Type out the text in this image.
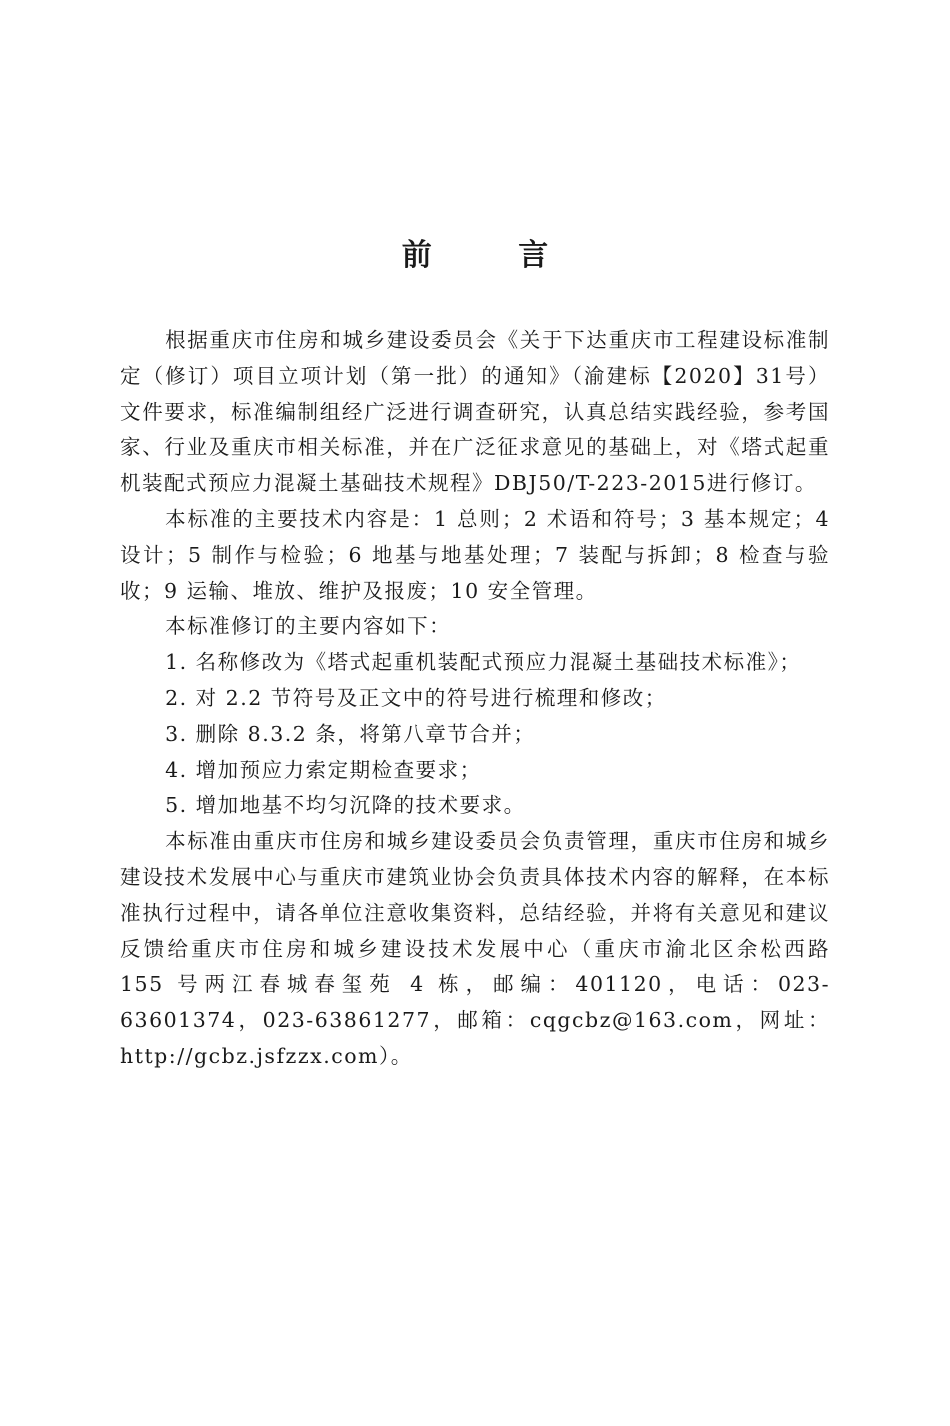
前 言

根据重庆市住房和城乡建设委员会《关于下达重庆市工程建设标准制定（修订）项目立项计划（第一批）的通知》（渝建标【2020】31号）文件要求，标准编制组经广泛进行调查研究，认真总结实践经验，参考国家、行业及重庆市相关标准，并在广泛征求意见的基础上，对《塔式起重机装配式预应力混凝土基础技术规程》DBJ50/T-223-2015进行修订。

本标准的主要技术内容是：1 总则；2 术语和符号；3 基本规定；4 设计；5 制作与检验；6 地基与地基处理；7 装配与拆卸；8 检查与验收；9 运输、堆放、维护及报废；10 安全管理。

本标准修订的主要内容如下：

1. 名称修改为《塔式起重机装配式预应力混凝土基础技术标准》；

2. 对 2.2 节符号及正文中的符号进行梳理和修改；

3. 删除 8.3.2 条，将第八章节合并；

4. 增加预应力索定期检查要求；

5. 增加地基不均匀沉降的技术要求。

本标准由重庆市住房和城乡建设委员会负责管理，重庆市住房和城乡建设技术发展中心与重庆市建筑业协会负责具体技术内容的解释，在本标准执行过程中，请各单位注意收集资料，总结经验，并将有关意见和建议反馈给重庆市住房和城乡建设技术发展中心（重庆市渝北区余松西路 155 号两江春城春玺苑 4 栋，邮编：401120，电话：023-63601374，023-63861277，邮箱：cqgcbz@163.com，网址：http://gcbz.jsfzzx.com）。
